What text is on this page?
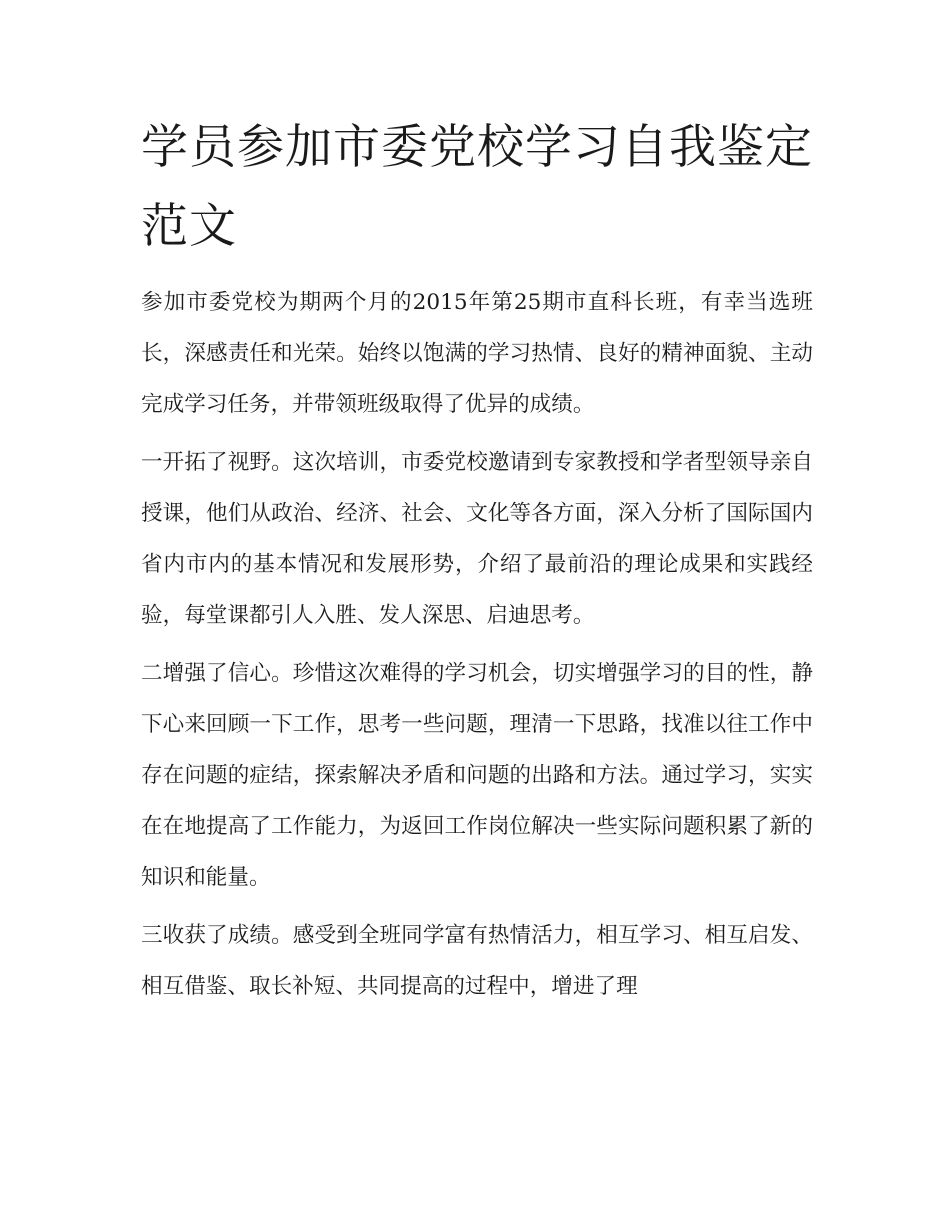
学员参加市委党校学习自我鉴定范文

参加市委党校为期两个月的2015年第25期市直科长班，有幸当选班长，深感责任和光荣。始终以饱满的学习热情、良好的精神面貌、主动完成学习任务，并带领班级取得了优异的成绩。

一开拓了视野。这次培训，市委党校邀请到专家教授和学者型领导亲自授课，他们从政治、经济、社会、文化等各方面，深入分析了国际国内省内市内的基本情况和发展形势，介绍了最前沿的理论成果和实践经验，每堂课都引人入胜、发人深思、启迪思考。

二增强了信心。珍惜这次难得的学习机会，切实增强学习的目的性，静下心来回顾一下工作，思考一些问题，理清一下思路，找准以往工作中存在问题的症结，探索解决矛盾和问题的出路和方法。通过学习，实实在在地提高了工作能力，为返回工作岗位解决一些实际问题积累了新的知识和能量。

三收获了成绩。感受到全班同学富有热情活力，相互学习、相互启发、相互借鉴、取长补短、共同提高的过程中，增进了理
